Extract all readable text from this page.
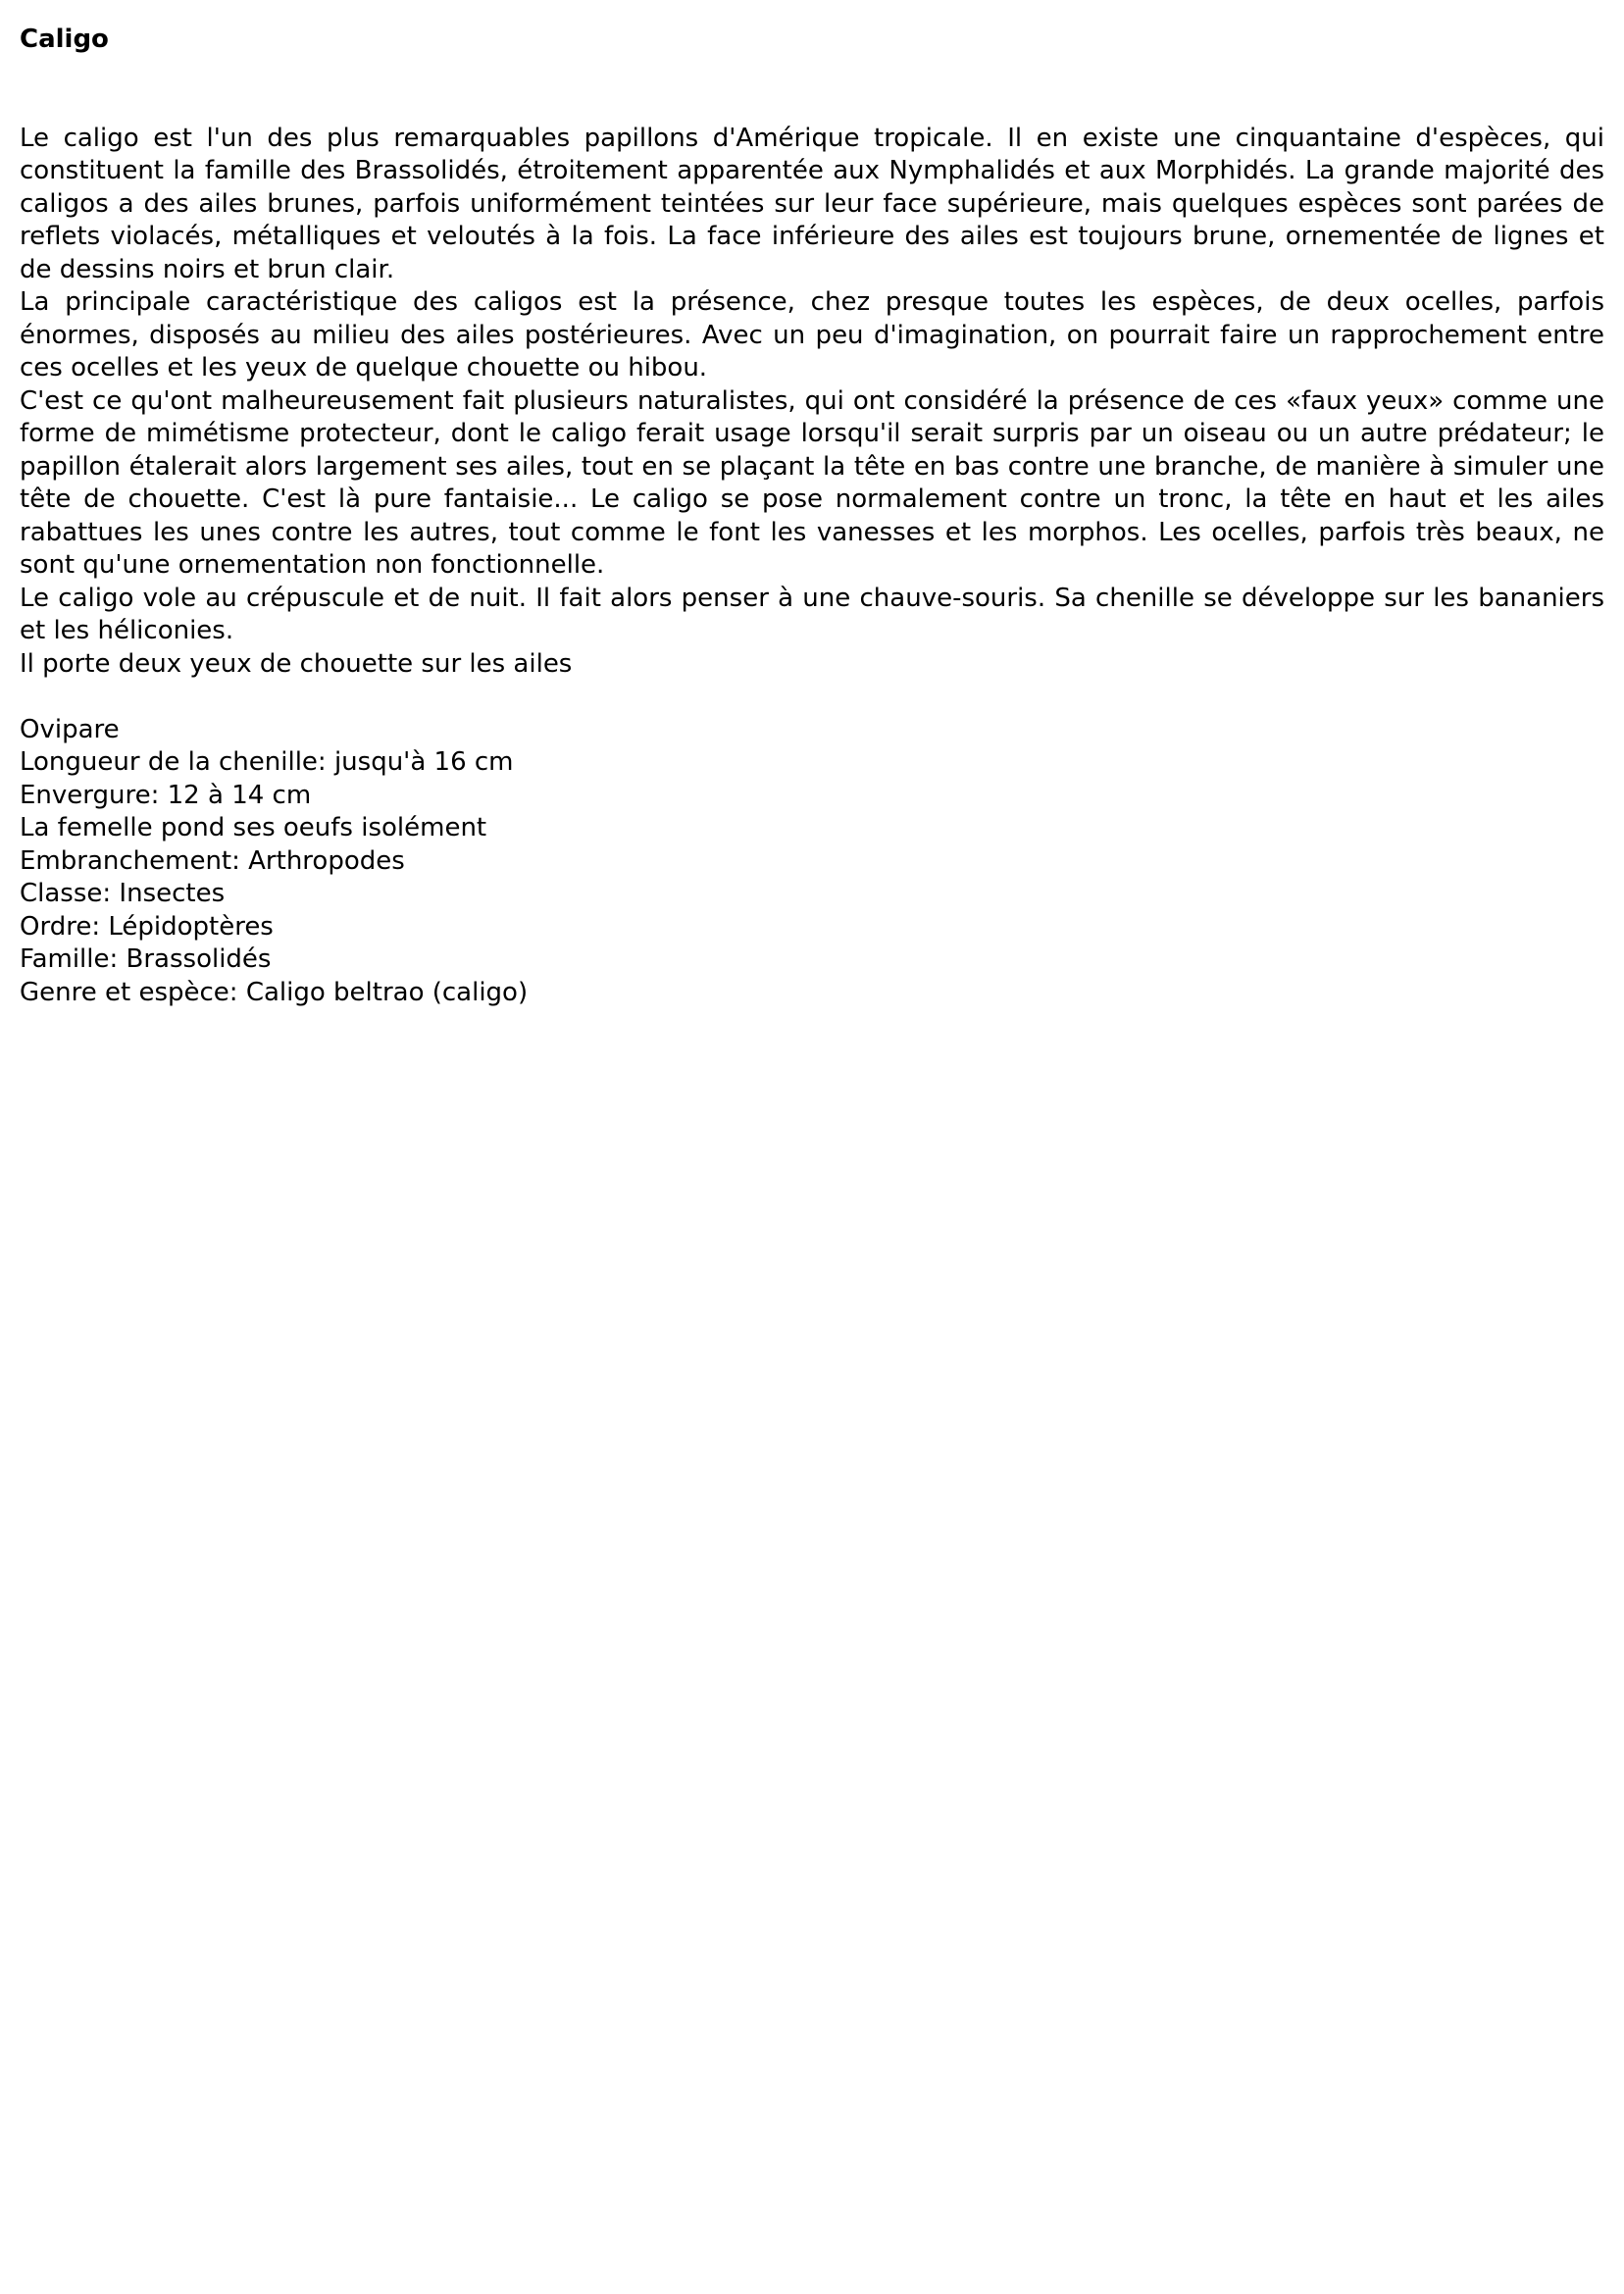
Caligo

Le caligo est l'un des plus remarquables papillons d'Amérique tropicale. Il en existe une cinquantaine d'espèces, qui constituent la famille des Brassolidés, étroitement apparentée aux Nymphalidés et aux Morphidés. La grande majorité des caligos a des ailes brunes, parfois uniformément teintées sur leur face supérieure, mais quelques espèces sont parées de reflets violacés, métalliques et veloutés à la fois. La face inférieure des ailes est toujours brune, ornementée de lignes et de dessins noirs et brun clair.

La principale caractéristique des caligos est la présence, chez presque toutes les espèces, de deux ocelles, parfois énormes, disposés au milieu des ailes postérieures. Avec un peu d'imagination, on pourrait faire un rapprochement entre ces ocelles et les yeux de quelque chouette ou hibou.

C'est ce qu'ont malheureusement fait plusieurs naturalistes, qui ont considéré la présence de ces «faux yeux» comme une forme de mimétisme protecteur, dont le caligo ferait usage lorsqu'il serait surpris par un oiseau ou un autre prédateur; le papillon étalerait alors largement ses ailes, tout en se plaçant la tête en bas contre une branche, de manière à simuler une tête de chouette. C'est là pure fantaisie... Le caligo se pose normalement contre un tronc, la tête en haut et les ailes rabattues les unes contre les autres, tout comme le font les vanesses et les morphos. Les ocelles, parfois très beaux, ne sont qu'une ornementation non fonctionnelle.

Le caligo vole au crépuscule et de nuit. Il fait alors penser à une chauve-souris. Sa chenille se développe sur les bananiers et les héliconies.

Il porte deux yeux de chouette sur les ailes

Ovipare
Longueur de la chenille: jusqu'à 16 cm
Envergure: 12 à 14 cm
La femelle pond ses oeufs isolément
Embranchement: Arthropodes
Classe: Insectes
Ordre: Lépidoptères
Famille: Brassolidés
Genre et espèce: Caligo beltrao (caligo)
